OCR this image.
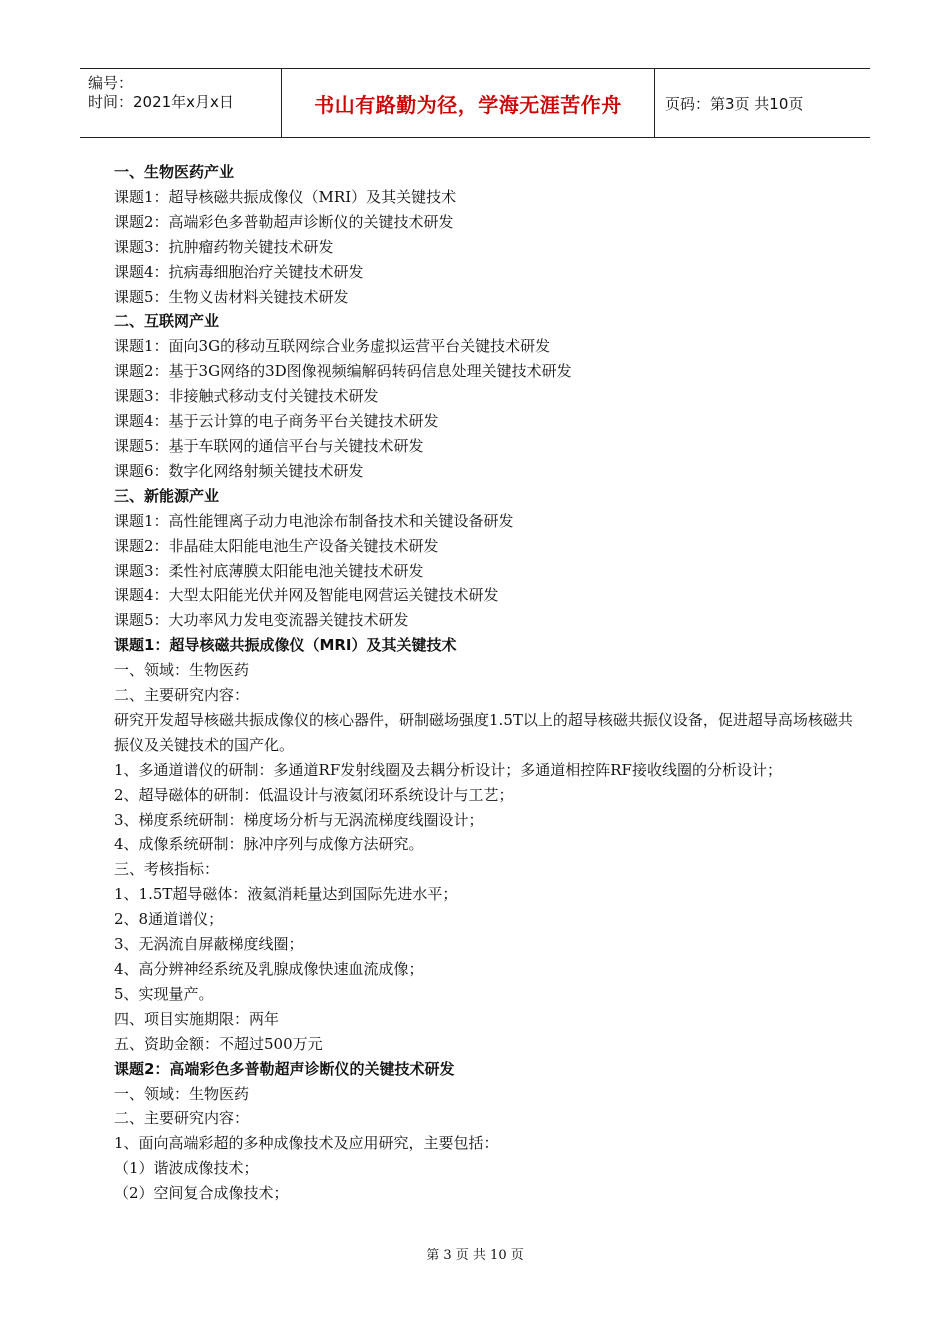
编号：
时间：2021年x月x日	书山有路勤为径，学海无涯苦作舟	页码：第3页 共10页
一、生物医药产业
课题1：超导核磁共振成像仪（MRI）及其关键技术
课题2：高端彩色多普勒超声诊断仪的关键技术研发
课题3：抗肿瘤药物关键技术研发
课题4：抗病毒细胞治疗关键技术研发
课题5：生物义齿材料关键技术研发
二、互联网产业
课题1：面向3G的移动互联网综合业务虚拟运营平台关键技术研发
课题2：基于3G网络的3D图像视频编解码转码信息处理关键技术研发
课题3：非接触式移动支付关键技术研发
课题4：基于云计算的电子商务平台关键技术研发
课题5：基于车联网的通信平台与关键技术研发
课题6：数字化网络射频关键技术研发
三、新能源产业
课题1：高性能锂离子动力电池涂布制备技术和关键设备研发
课题2：非晶硅太阳能电池生产设备关键技术研发
课题3：柔性衬底薄膜太阳能电池关键技术研发
课题4：大型太阳能光伏并网及智能电网营运关键技术研发
课题5：大功率风力发电变流器关键技术研发
课题1：超导核磁共振成像仪（MRI）及其关键技术
一、领域：生物医药
二、主要研究内容：
研究开发超导核磁共振成像仪的核心器件，研制磁场强度1.5T以上的超导核磁共振仪设备，促进超导高场核磁共振仪及关键技术的国产化。
1、多通道谱仪的研制：多通道RF发射线圈及去耦分析设计；多通道相控阵RF接收线圈的分析设计；
2、超导磁体的研制：低温设计与液氦闭环系统设计与工艺；
3、梯度系统研制：梯度场分析与无涡流梯度线圈设计；
4、成像系统研制：脉冲序列与成像方法研究。
三、考核指标：
1、1.5T超导磁体：液氦消耗量达到国际先进水平；
2、8通道谱仪；
3、无涡流自屏蔽梯度线圈；
4、高分辨神经系统及乳腺成像快速血流成像；
5、实现量产。
四、项目实施期限：两年
五、资助金额：不超过500万元
课题2：高端彩色多普勒超声诊断仪的关键技术研发
一、领域：生物医药
二、主要研究内容：
1、面向高端彩超的多种成像技术及应用研究，主要包括：
（1）谐波成像技术；
（2）空间复合成像技术；
第 3 页 共 10 页
